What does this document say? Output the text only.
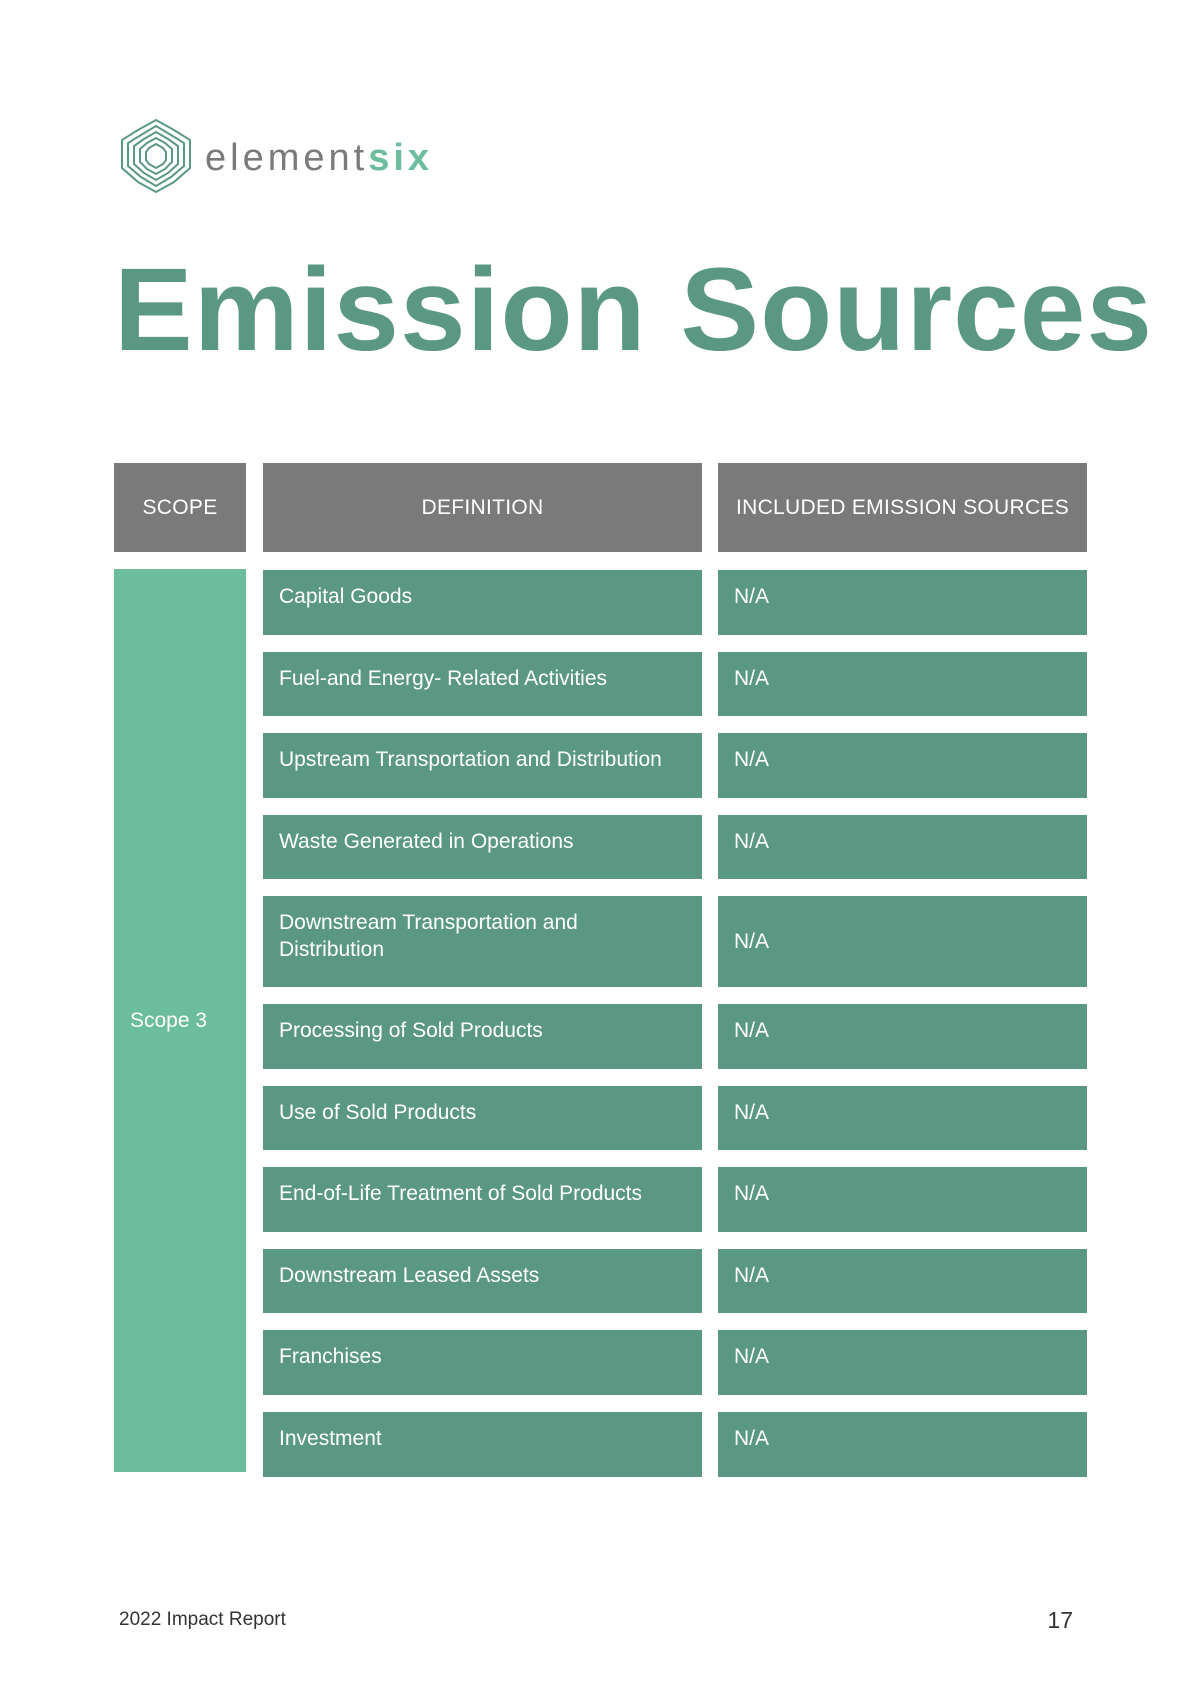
elementsix
Emission Sources
SCOPE	DEFINITION	INCLUDED EMISSION SOURCES
Scope 3
Capital Goods	N/A
Fuel-and Energy- Related Activities	N/A
Upstream Transportation and Distribution	N/A
Waste Generated in Operations	N/A
Downstream Transportation and Distribution	N/A
Processing of Sold Products	N/A
Use of Sold Products	N/A
End-of-Life Treatment of Sold Products	N/A
Downstream Leased Assets	N/A
Franchises	N/A
Investment	N/A
2022 Impact Report	17
